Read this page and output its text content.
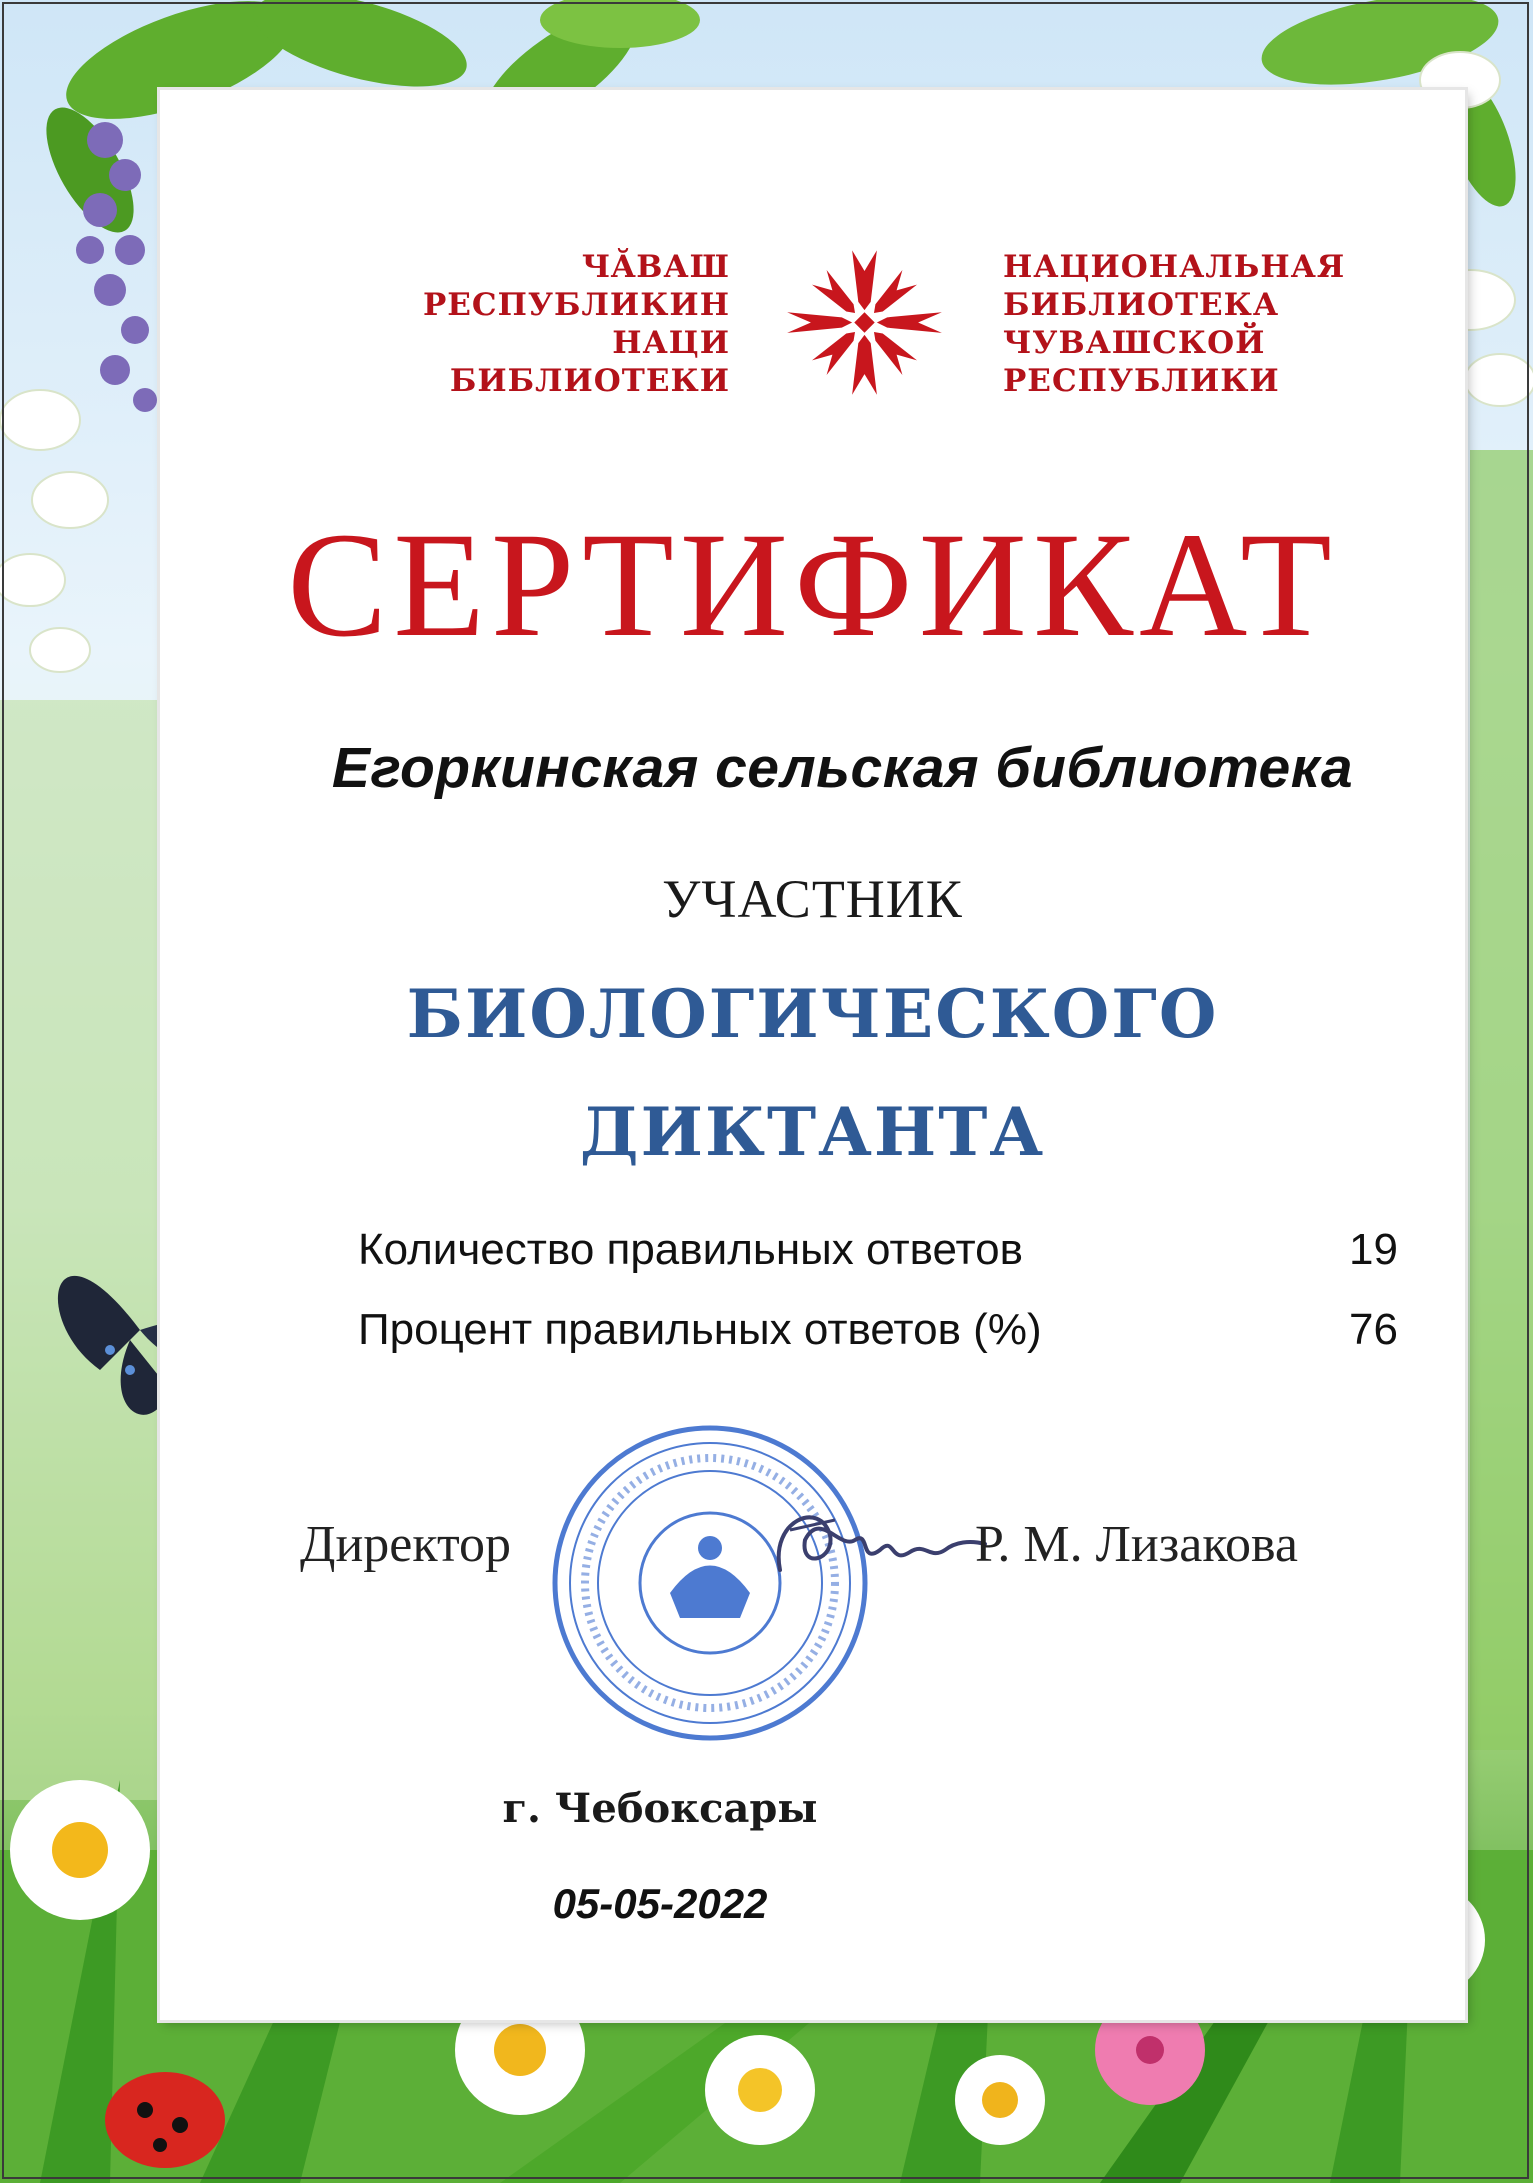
ЧĂВАШ
РЕСПУБЛИКИН
НАЦИ
БИБЛИОТЕКИ
НАЦИОНАЛЬНАЯ
БИБЛИОТЕКА
ЧУВАШСКОЙ
РЕСПУБЛИКИ
СЕРТИФИКАТ
Егоркинская сельская библиотека
УЧАСТНИК
БИОЛОГИЧЕСКОГО
ДИКТАНТА
Количество правильных ответов	19
Процент правильных ответов (%)	76
Директор	Р. М. Лизакова
г. Чебоксары
05-05-2022
